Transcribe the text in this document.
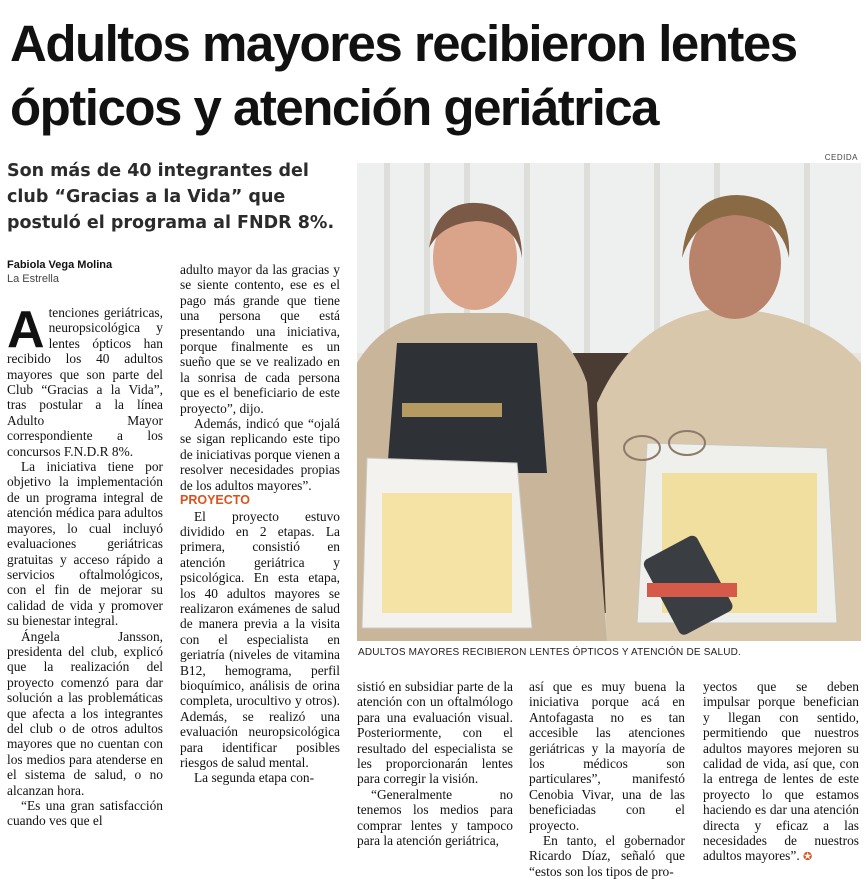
Adultos mayores recibieron lentes ópticos y atención geriátrica
Son más de 40 integrantes del club “Gracias a la Vida” que postuló el programa al FNDR 8%.
Fabiola Vega Molina
La Estrella

Atenciones geriátricas, neuropsicológica y lentes ópticos han recibido los 40 adultos mayores que son parte del Club “Gracias a la Vida”, tras postular a la línea Adulto Mayor correspondiente a los concursos F.N.D.R 8%.

La iniciativa tiene por objetivo la implementación de un programa integral de atención médica para adultos mayores, lo cual incluyó evaluaciones geriátricas gratuitas y acceso rápido a servicios oftalmológicos, con el fin de mejorar su calidad de vida y promover su bienestar integral.

Ángela Jansson, presidenta del club, explicó que la realización del proyecto comenzó para dar solución a las problemáticas que afecta a los integrantes del club o de otros adultos mayores que no cuentan con los medios para atenderse en el sistema de salud, o no alcanzan hora.

“Es una gran satisfacción cuando ves que el

adulto mayor da las gracias y se siente contento, ese es el pago más grande que tiene una persona que está presentando una iniciativa, porque finalmente es un sueño que se ve realizado en la sonrisa de cada persona que es el beneficiario de este proyecto”, dijo.

Además, indicó que “ojalá se sigan replicando este tipo de iniciativas porque vienen a resolver necesidades propias de los adultos mayores”.

PROYECTO

El proyecto estuvo dividido en 2 etapas. La primera, consistió en atención geriátrica y psicológica. En esta etapa, los 40 adultos mayores se realizaron exámenes de salud de manera previa a la visita con el especialista en geriatría (niveles de vitamina B12, hemograma, perfil bioquímico, análisis de orina completa, urocultivo y otros). Además, se realizó una evaluación neuropsicológica para identificar posibles riesgos de salud mental.

La segunda etapa con-

CEDIDA
ADULTOS MAYORES RECIBIERON LENTES ÓPTICOS Y ATENCIÓN DE SALUD.

sistió en subsidiar parte de la atención con un oftalmólogo para una evaluación visual. Posteriormente, con el resultado del especialista se les proporcionarán lentes para corregir la visión.

“Generalmente no tenemos los medios para comprar lentes y tampoco para la atención geriátrica,

así que es muy buena la iniciativa porque acá en Antofagasta no es tan accesible las atenciones geriátricas y la mayoría de los médicos son particulares”, manifestó Cenobia Vivar, una de las beneficiadas con el proyecto.

En tanto, el gobernador Ricardo Díaz, señaló que “estos son los tipos de pro-

yectos que se deben impulsar porque benefician y llegan con sentido, permitiendo que nuestros adultos mayores mejoren su calidad de vida, así que, con la entrega de lentes de este proyecto lo que estamos haciendo es dar una atención directa y eficaz a las necesidades de nuestros adultos mayores”. ✪
